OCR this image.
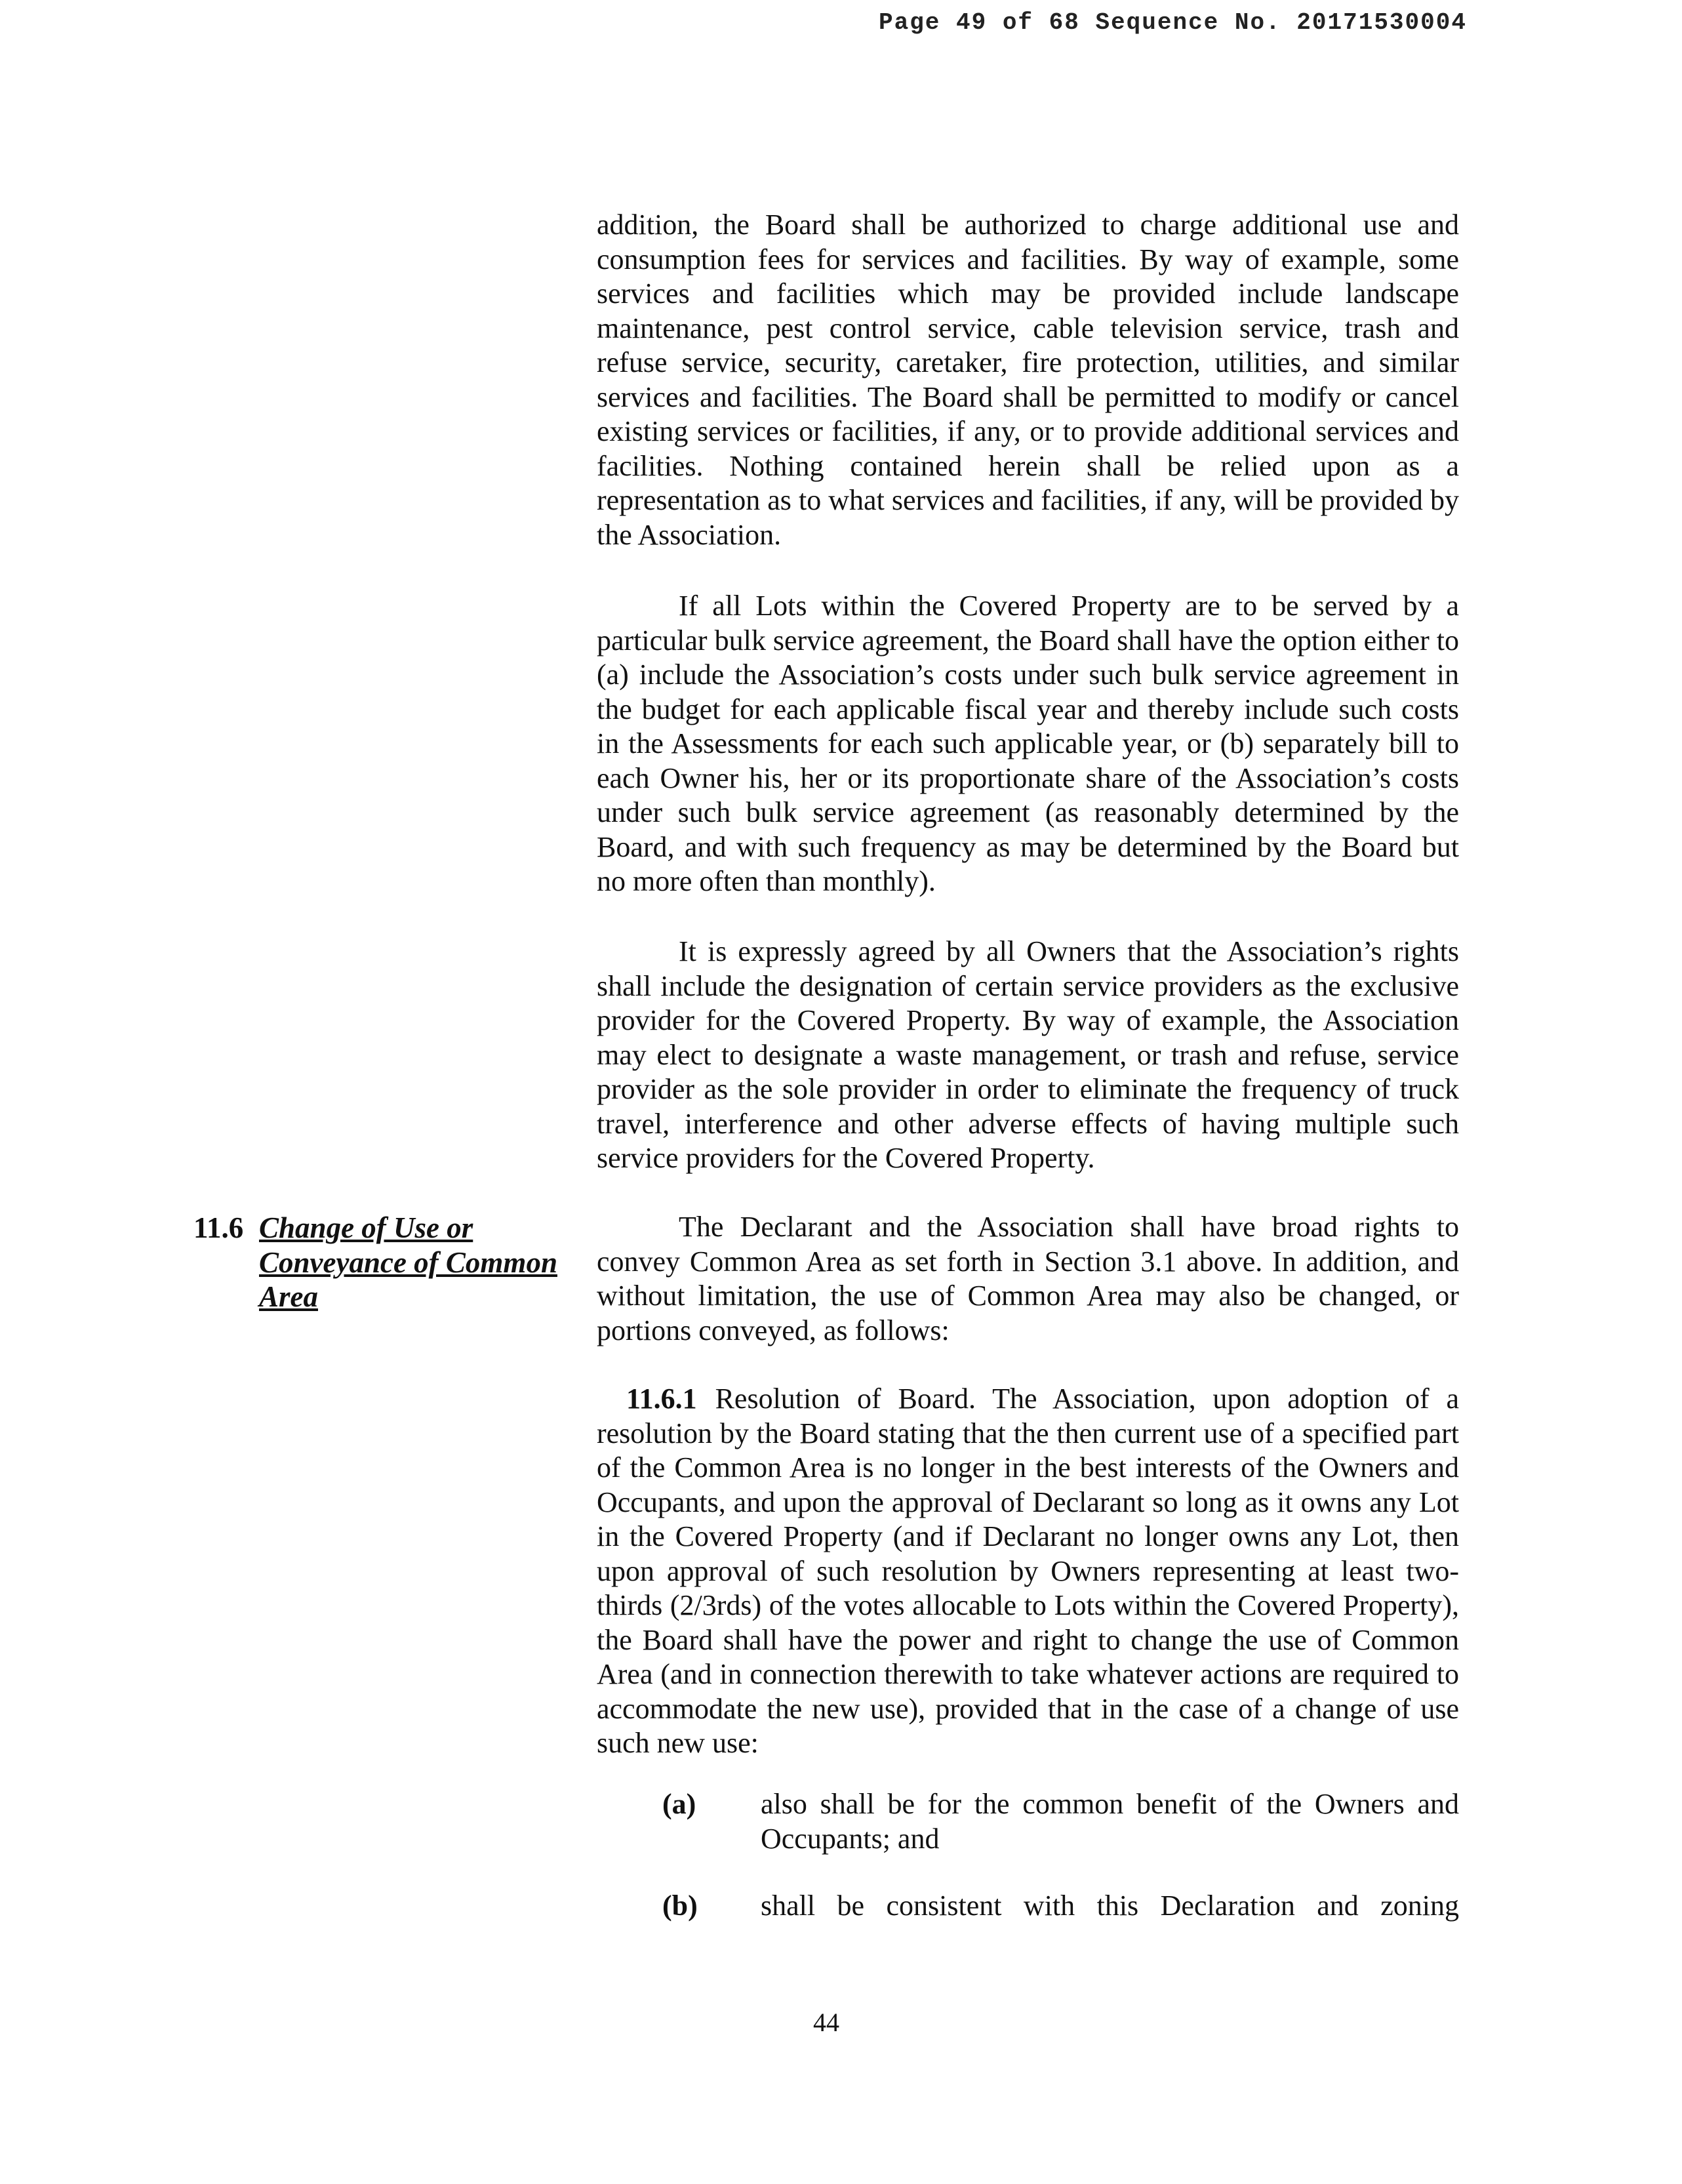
Page 49 of 68 Sequence No. 20171530004
addition, the Board shall be authorized to charge additional use and consumption fees for services and facilities. By way of example, some services and facilities which may be provided include landscape maintenance, pest control service, cable television service, trash and refuse service, security, caretaker, fire protection, utilities, and similar services and facilities. The Board shall be permitted to modify or cancel existing services or facilities, if any, or to provide additional services and facilities. Nothing contained herein shall be relied upon as a representation as to what services and facilities, if any, will be provided by the Association.
If all Lots within the Covered Property are to be served by a particular bulk service agreement, the Board shall have the option either to (a) include the Association’s costs under such bulk service agreement in the budget for each applicable fiscal year and thereby include such costs in the Assessments for each such applicable year, or (b) separately bill to each Owner his, her or its proportionate share of the Association’s costs under such bulk service agreement (as reasonably determined by the Board, and with such frequency as may be determined by the Board but no more often than monthly).
It is expressly agreed by all Owners that the Association’s rights shall include the designation of certain service providers as the exclusive provider for the Covered Property. By way of example, the Association may elect to designate a waste management, or trash and refuse, service provider as the sole provider in order to eliminate the frequency of truck travel, interference and other adverse effects of having multiple such service providers for the Covered Property.
11.6 Change of Use or Conveyance of Common Area
The Declarant and the Association shall have broad rights to convey Common Area as set forth in Section 3.1 above. In addition, and without limitation, the use of Common Area may also be changed, or portions conveyed, as follows:
11.6.1 Resolution of Board. The Association, upon adoption of a resolution by the Board stating that the then current use of a specified part of the Common Area is no longer in the best interests of the Owners and Occupants, and upon the approval of Declarant so long as it owns any Lot in the Covered Property (and if Declarant no longer owns any Lot, then upon approval of such resolution by Owners representing at least two-thirds (2/3rds) of the votes allocable to Lots within the Covered Property), the Board shall have the power and right to change the use of Common Area (and in connection therewith to take whatever actions are required to accommodate the new use), provided that in the case of a change of use such new use:
(a) also shall be for the common benefit of the Owners and Occupants; and
(b) shall be consistent with this Declaration and zoning
44
